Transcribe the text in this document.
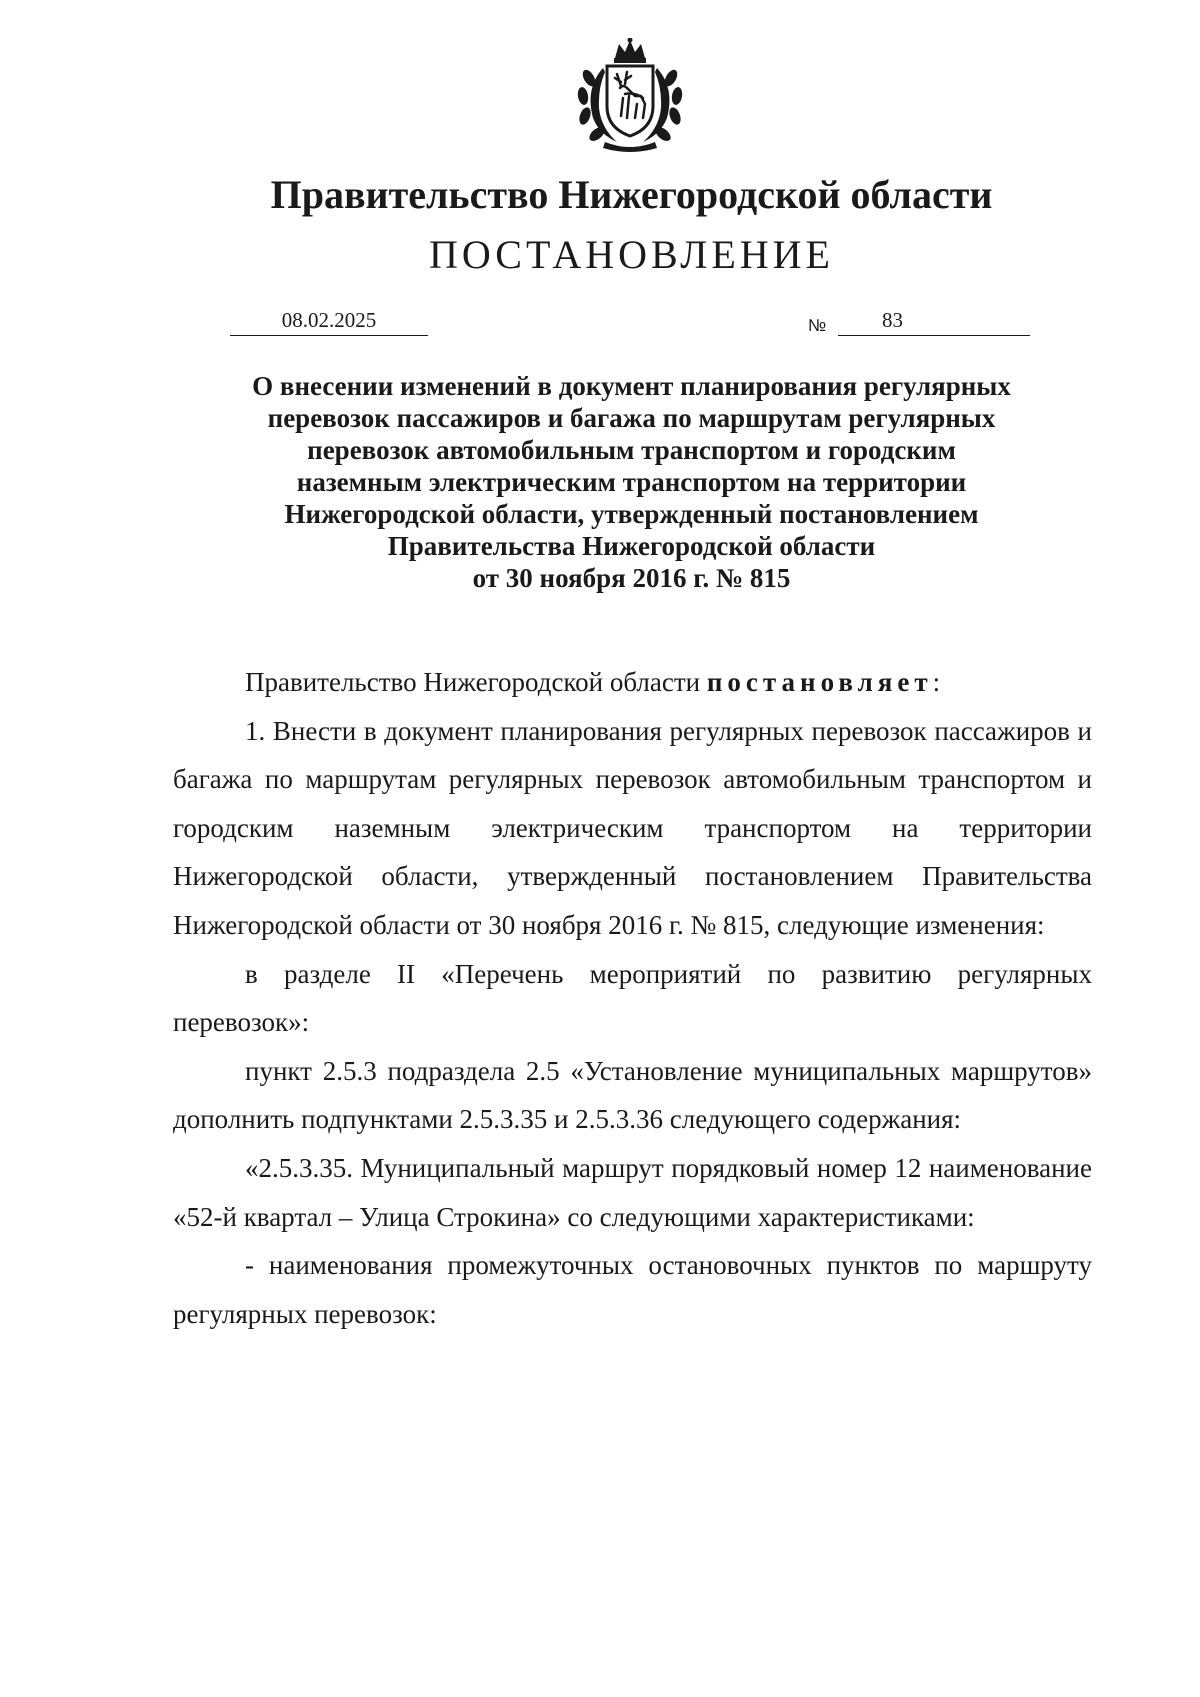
Правительство Нижегородской области
ПОСТАНОВЛЕНИЕ
08.02.2025	№	83
О внесении изменений в документ планирования регулярных
перевозок пассажиров и багажа по маршрутам регулярных
перевозок автомобильным транспортом и городским
наземным электрическим транспортом на территории
Нижегородской области, утвержденный постановлением
Правительства Нижегородской области
от 30 ноября 2016 г. № 815

Правительство Нижегородской области постановляет:

1. Внести в документ планирования регулярных перевозок пассажиров и багажа по маршрутам регулярных перевозок автомобильным транспортом и городским наземным электрическим транспортом на территории Нижегородской области, утвержденный постановлением Правительства Нижегородской области от 30 ноября 2016 г. № 815, следующие изменения:

в разделе II «Перечень мероприятий по развитию регулярных перевозок»:

пункт 2.5.3 подраздела 2.5 «Установление муниципальных маршрутов» дополнить подпунктами 2.5.3.35 и 2.5.3.36 следующего содержания:

«2.5.3.35. Муниципальный маршрут порядковый номер 12 наименование «52-й квартал – Улица Строкина» со следующими характеристиками:

- наименования промежуточных остановочных пунктов по маршруту регулярных перевозок:
